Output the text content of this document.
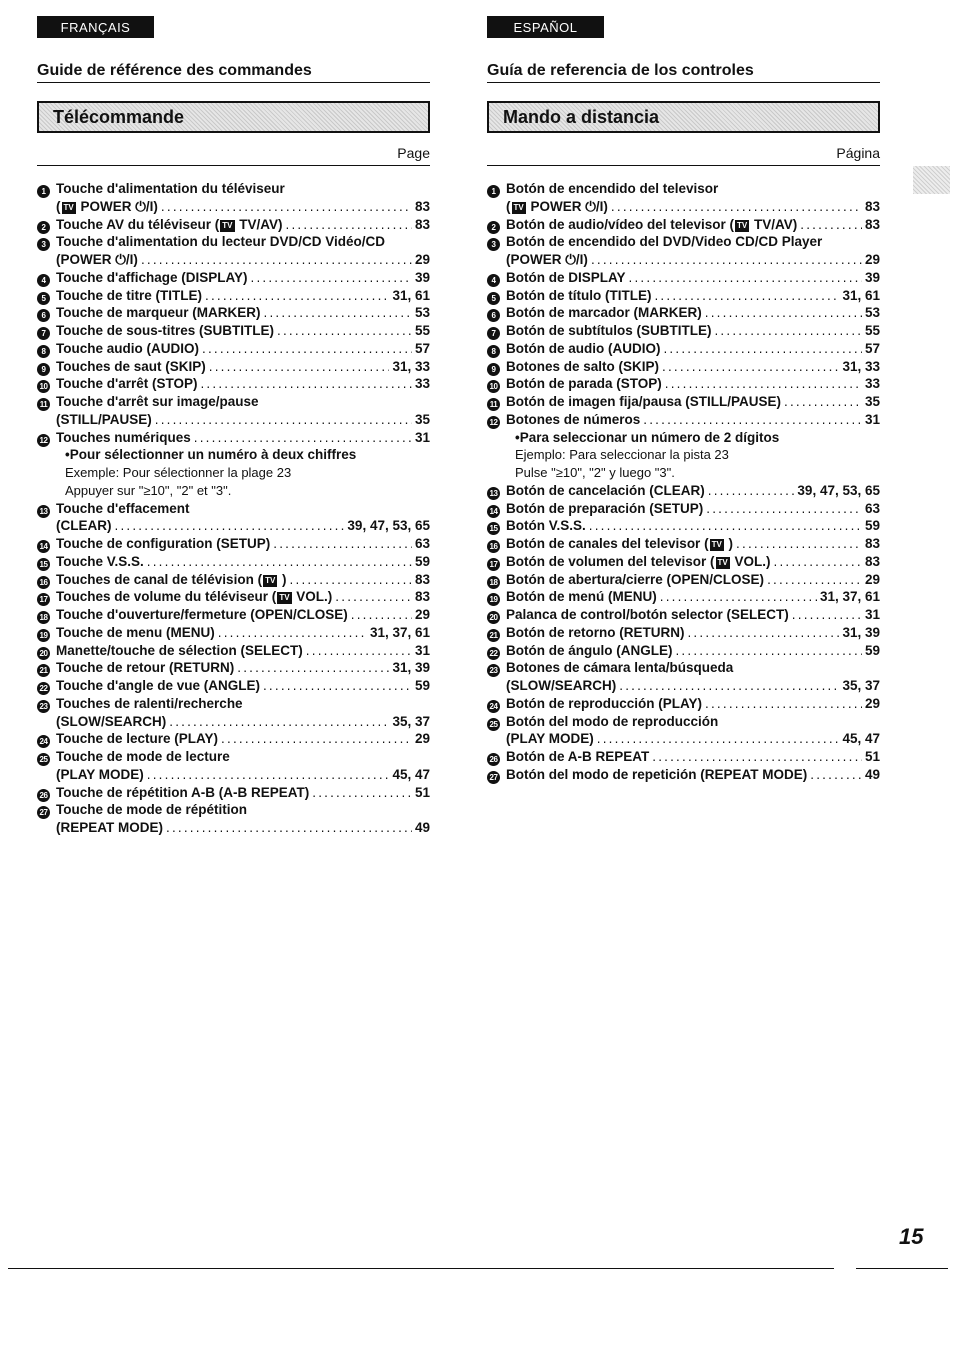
FRANÇAIS
Guide de référence des commandes
Télécommande
Page
1 Touche d'alimentation du téléviseur
( TV POWER ⏻/I) .....	83
2 Touche AV du téléviseur ( TV TV/AV) .....	83
3 Touche d'alimentation du lecteur DVD/CD Vidéo/CD
(POWER ⏻/I) .....	29
4 Touche d'affichage (DISPLAY) .....	39
5 Touche de titre (TITLE) .....	31, 61
6 Touche de marqueur (MARKER) .....	53
7 Touche de sous-titres (SUBTITLE) .....	55
8 Touche audio (AUDIO) .....	57
9 Touches de saut (SKIP) .....	31, 33
10 Touche d'arrêt (STOP) .....	33
11 Touche d'arrêt sur image/pause
(STILL/PAUSE) .....	35
12 Touches numériques .....	31
•Pour sélectionner un numéro à deux chiffres
Exemple: Pour sélectionner la plage 23
Appuyer sur "≥10", "2" et "3".
13 Touche d'effacement
(CLEAR) .....	39, 47, 53, 65
14 Touche de configuration (SETUP) .....	63
15 Touche V.S.S. .....	59
16 Touches de canal de télévision ( TV ) .....	83
17 Touches de volume du téléviseur ( TV VOL.) .....	83
18 Touche d'ouverture/fermeture (OPEN/CLOSE) .....	29
19 Touche de menu (MENU) .....	31, 37, 61
20 Manette/touche de sélection (SELECT) .....	31
21 Touche de retour (RETURN) .....	31, 39
22 Touche d'angle de vue (ANGLE) .....	59
23 Touches de ralenti/recherche
(SLOW/SEARCH) .....	35, 37
24 Touche de lecture (PLAY) .....	29
25 Touche de mode de lecture
(PLAY MODE) .....	45, 47
26 Touche de répétition A-B (A-B REPEAT) .....	51
27 Touche de mode de répétition
(REPEAT MODE) .....	49
ESPAÑOL
Guía de referencia de los controles
Mando a distancia
Página
1 Botón de encendido del televisor
( TV POWER ⏻/I) .....	83
2 Botón de audio/vídeo del televisor ( TV TV/AV) .....	83
3 Botón de encendido del DVD/Video CD/CD Player
(POWER ⏻/I) .....	29
4 Botón de DISPLAY .....	39
5 Botón de título (TITLE) .....	31, 61
6 Botón de marcador (MARKER) .....	53
7 Botón de subtítulos (SUBTITLE) .....	55
8 Botón de audio (AUDIO) .....	57
9 Botones de salto (SKIP) .....	31, 33
10 Botón de parada (STOP) .....	33
11 Botón de imagen fija/pausa (STILL/PAUSE) .....	35
12 Botones de números .....	31
•Para seleccionar un número de 2 dígitos
Ejemplo: Para seleccionar la pista 23
Pulse "≥10", "2" y luego "3".
13 Botón de cancelación (CLEAR) .....	39, 47, 53, 65
14 Botón de preparación (SETUP) .....	63
15 Botón V.S.S. .....	59
16 Botón de canales del televisor ( TV ) .....	83
17 Botón de volumen del televisor ( TV VOL.) .....	83
18 Botón de abertura/cierre (OPEN/CLOSE) .....	29
19 Botón de menú (MENU) .....	31, 37, 61
20 Palanca de control/botón selector (SELECT) .....	31
21 Botón de retorno (RETURN) .....	31, 39
22 Botón de ángulo (ANGLE) .....	59
23 Botones de cámara lenta/búsqueda
(SLOW/SEARCH) .....	35, 37
24 Botón de reproducción (PLAY) .....	29
25 Botón del modo de reproducción
(PLAY MODE) .....	45, 47
26 Botón de A-B REPEAT .....	51
27 Botón del modo de repetición (REPEAT MODE) .....	49
15
